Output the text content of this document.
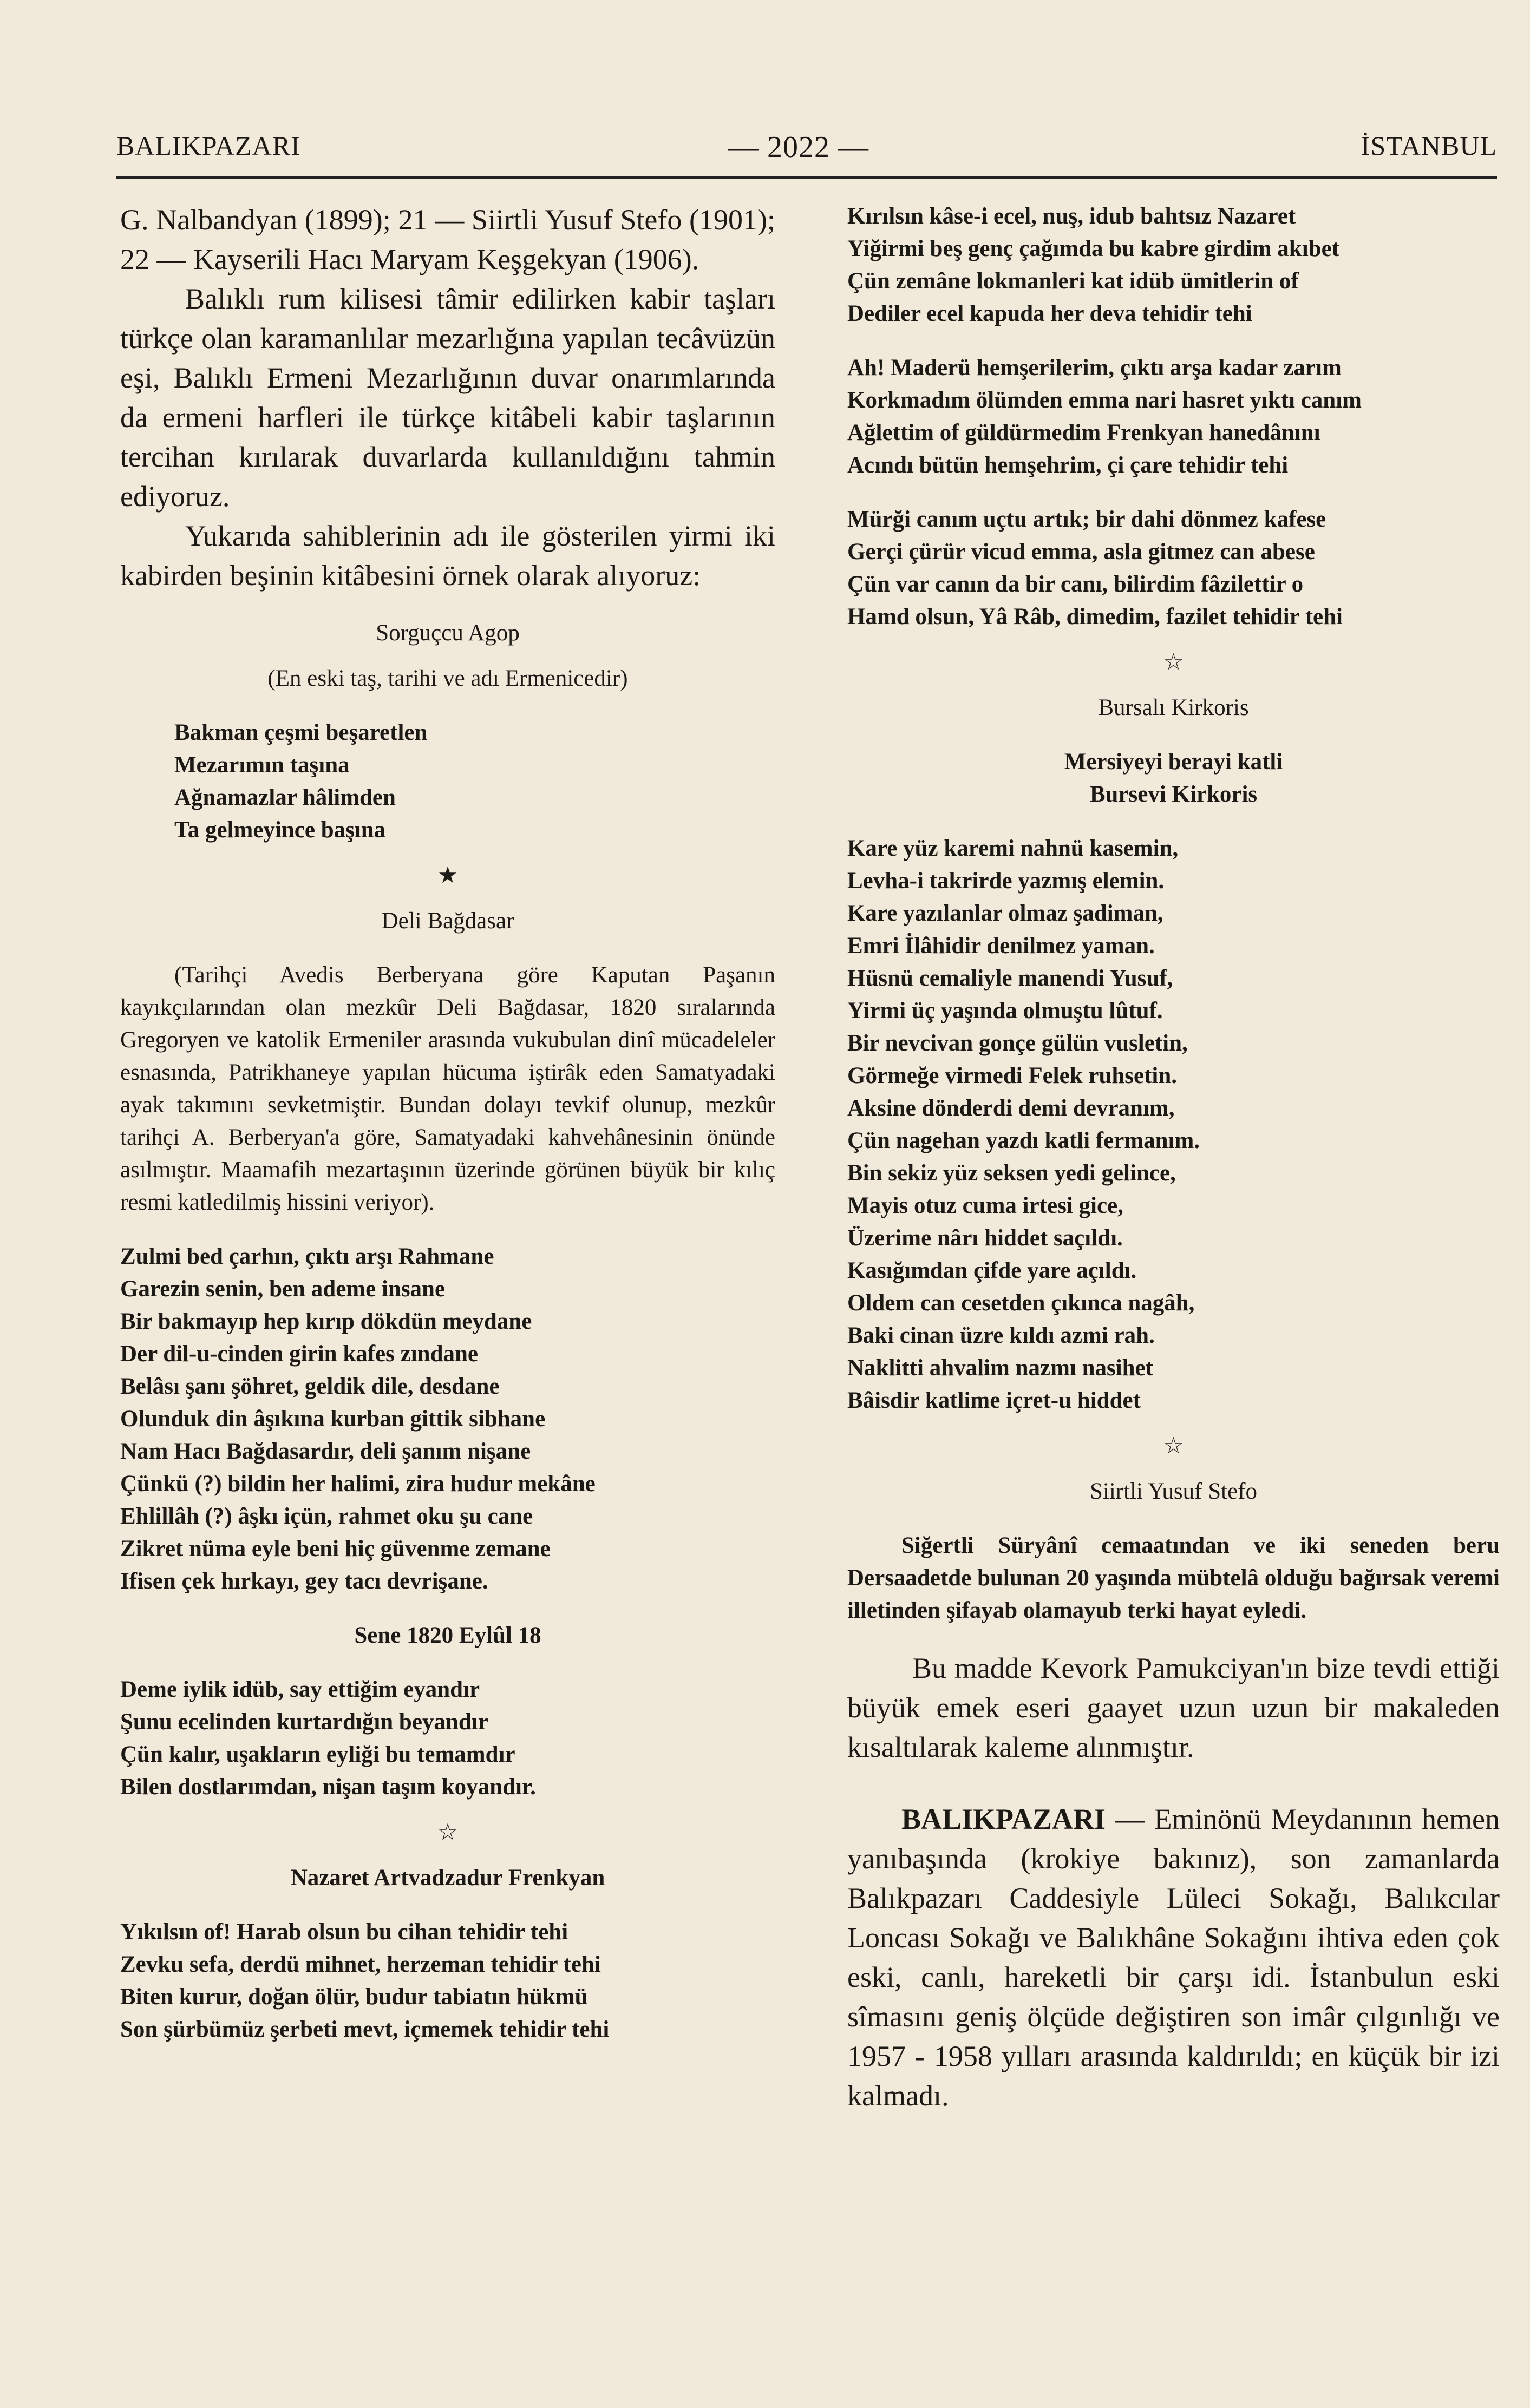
BALIKPAZARI	— 2022 —	İSTANBUL

G. Nalbandyan (1899); 21 — Siirtli Yusuf Stefo (1901); 22 — Kayserili Hacı Maryam Keşgekyan (1906).

Balıklı rum kilisesi tâmir edilirken kabir taşları türkçe olan karamanlılar mezarlığına yapılan tecâvüzün eşi, Balıklı Ermeni Mezarlığının duvar onarımlarında da ermeni harfleri ile türkçe kitâbeli kabir taşlarının tercihan kırılarak duvarlarda kullanıldığını tahmin ediyoruz.

Yukarıda sahiblerinin adı ile gösterilen yirmi iki kabirden beşinin kitâbesini örnek olarak alıyoruz:

Sorguçcu Agop
(En eski taş, tarihi ve adı Ermenicedir)
Bakman çeşmi beşaretlen
Mezarımın taşına
Ağnamazlar hâlimden
Ta gelmeyince başına
★
Deli Bağdasar

(Tarihçi Avedis Berberyana göre Kaputan Paşanın kayıkçılarından olan mezkûr Deli Bağdasar, 1820 sıralarında Gregoryen ve katolik Ermeniler arasında vukubulan dinî mücadeleler esnasında, Patrikhaneye yapılan hücuma iştirâk eden Samatyadaki ayak takımını sevketmiştir. Bundan dolayı tevkif olunup, mezkûr tarihçi A. Berberyan'a göre, Samatyadaki kahvehânesinin önünde asılmıştır. Maamafih mezartaşının üzerinde görünen büyük bir kılıç resmi katledilmiş hissini veriyor).

Zulmi bed çarhın, çıktı arşı Rahmane
Garezin senin, ben ademe insane
Bir bakmayıp hep kırıp dökdün meydane
Der dil-u-cinden girin kafes zındane
Belâsı şanı şöhret, geldik dile, desdane
Olunduk din âşıkına kurban gittik sibhane
Nam Hacı Bağdasardır, deli şanım nişane
Çünkü (?) bildin her halimi, zira hudur mekâne
Ehlillâh (?) âşkı içün, rahmet oku şu cane
Zikret nüma eyle beni hiç güvenme zemane
Ifisen çek hırkayı, gey tacı devrişane.
Sene 1820 Eylûl 18
Deme iylik idüb, say ettiğim eyandır
Şunu ecelinden kurtardığın beyandır
Çün kalır, uşakların eyliği bu temamdır
Bilen dostlarımdan, nişan taşım koyandır.
☆
Nazaret Artvadzadur Frenkyan
Yıkılsın of! Harab olsun bu cihan tehidir tehi
Zevku sefa, derdü mihnet, herzeman tehidir tehi
Biten kurur, doğan ölür, budur tabiatın hükmü
Son şürbümüz şerbeti mevt, içmemek tehidir tehi
Kırılsın kâse-i ecel, nuş, idub bahtsız Nazaret
Yiğirmi beş genç çağımda bu kabre girdim akıbet
Çün zemâne lokmanleri kat idüb ümitlerin of
Dediler ecel kapuda her deva tehidir tehi
Ah! Maderü hemşerilerim, çıktı arşa kadar zarım
Korkmadım ölümden emma nari hasret yıktı canım
Ağlettim of güldürmedim Frenkyan hanedânını
Acındı bütün hemşehrim, çi çare tehidir tehi
Mürği canım uçtu artık; bir dahi dönmez kafese
Gerçi çürür vicud emma, asla gitmez can abese
Çün var canın da bir canı, bilirdim fâzilettir o
Hamd olsun, Yâ Râb, dimedim, fazilet tehidir tehi
☆
Bursalı Kirkoris
Mersiyeyi berayi katli
Bursevi Kirkoris
Kare yüz karemi nahnü kasemin,
Levha-i takrirde yazmış elemin.
Kare yazılanlar olmaz şadiman,
Emri İlâhidir denilmez yaman.
Hüsnü cemaliyle manendi Yusuf,
Yirmi üç yaşında olmuştu lûtuf.
Bir nevcivan gonçe gülün vusletin,
Görmeğe virmedi Felek ruhsetin.
Aksine dönderdi demi devranım,
Çün nagehan yazdı katli fermanım.
Bin sekiz yüz seksen yedi gelince,
Mayis otuz cuma irtesi gice,
Üzerime nârı hiddet saçıldı.
Kasığımdan çifde yare açıldı.
Oldem can cesetden çıkınca nagâh,
Baki cinan üzre kıldı azmi rah.
Naklitti ahvalim nazmı nasihet
Bâisdir katlime içret-u hiddet
☆
Siirtli Yusuf Stefo

Siğertli Süryânî cemaatından ve iki seneden beru Dersaadetde bulunan 20 yaşında mübtelâ olduğu bağırsak veremi illetinden şifayab olamayub terki hayat eyledi.

Bu madde Kevork Pamukciyan'ın bize tevdi ettiği büyük emek eseri gaayet uzun uzun bir makaleden kısaltılarak kaleme alınmıştır.

BALIKPAZARI — Eminönü Meydanının hemen yanıbaşında (krokiye bakınız), son zamanlarda Balıkpazarı Caddesiyle Lüleci Sokağı, Balıkcılar Loncası Sokağı ve Balıkhâne Sokağını ihtiva eden çok eski, canlı, hareketli bir çarşı idi. İstanbulun eski sîmasını geniş ölçüde değiştiren son imâr çılgınlığı ve 1957 - 1958 yılları arasında kaldırıldı; en küçük bir izi kalmadı.
